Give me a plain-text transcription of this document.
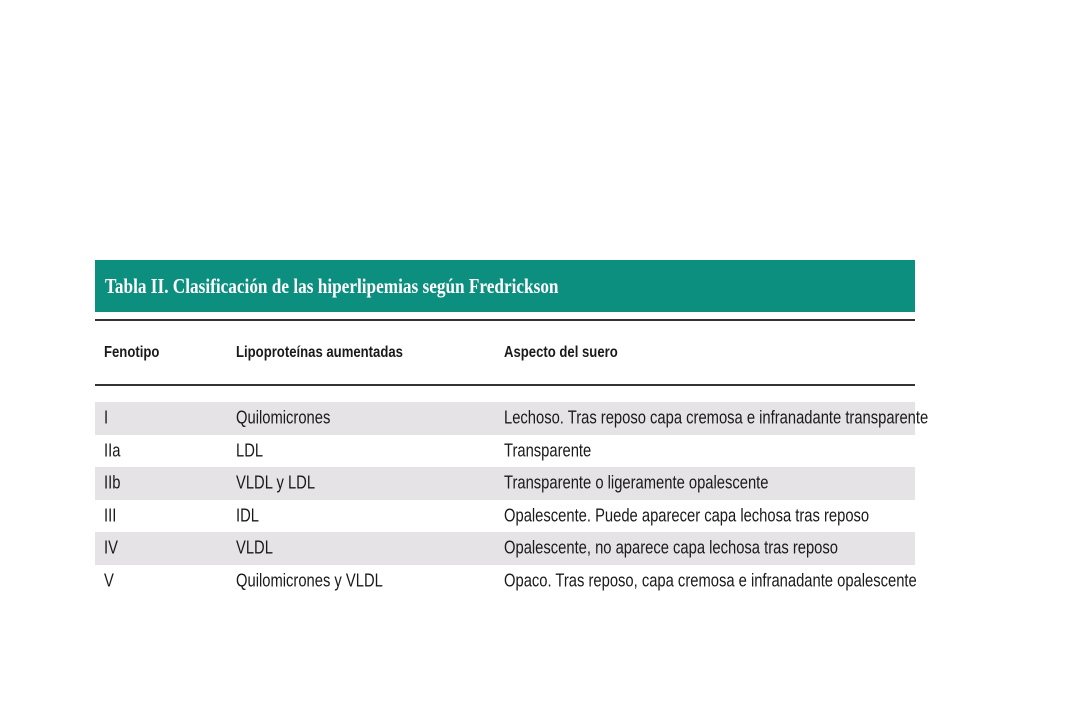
Tabla II. Clasificación de las hiperlipemias según Fredrickson
Fenotipo	Lipoproteínas aumentadas	Aspecto del suero
I	Quilomicrones	Lechoso. Tras reposo capa cremosa e infranadante transparente
IIa	LDL	Transparente
IIb	VLDL y LDL	Transparente o ligeramente opalescente
III	IDL	Opalescente. Puede aparecer capa lechosa tras reposo
IV	VLDL	Opalescente, no aparece capa lechosa tras reposo
V	Quilomicrones y VLDL	Opaco. Tras reposo, capa cremosa e infranadante opalescente
